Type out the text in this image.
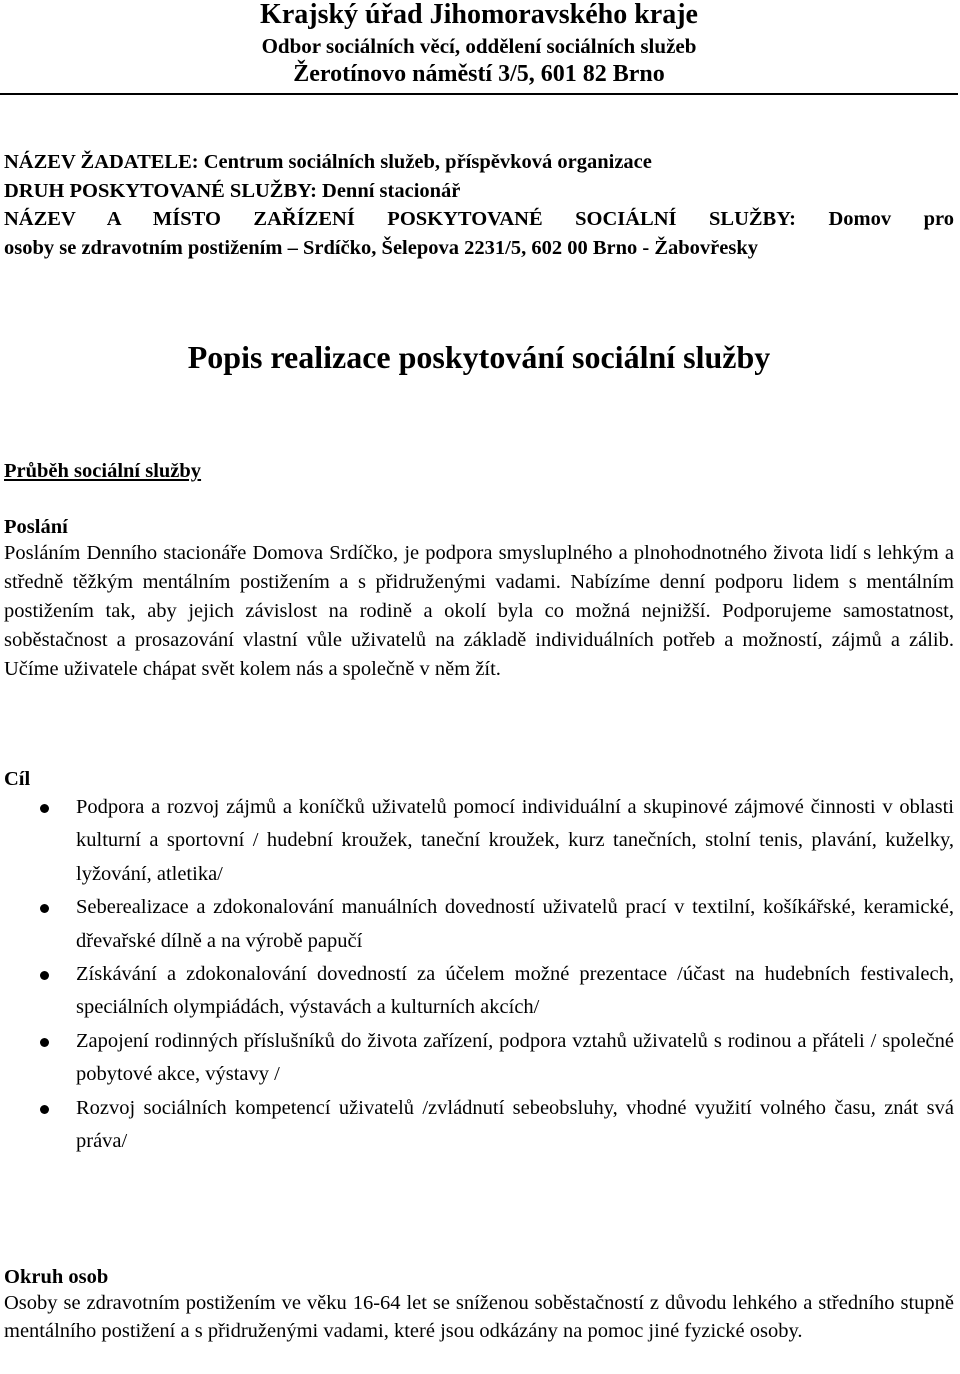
Krajský úřad Jihomoravského kraje
Odbor sociálních věcí, oddělení sociálních služeb
Žerotínovo náměstí 3/5, 601 82 Brno
NÁZEV ŽADATELE: Centrum sociálních služeb, příspěvková organizace
DRUH POSKYTOVANÉ SLUŽBY: Denní stacionář
NÁZEV A MÍSTO ZAŘÍZENÍ POSKYTOVANÉ SOCIÁLNÍ SLUŽBY: Domov pro
osoby se zdravotním postižením – Srdíčko, Šelepova 2231/5, 602 00 Brno - Žabovřesky
Popis realizace poskytování sociální služby
Průběh sociální služby
Poslání

Posláním Denního stacionáře Domova Srdíčko, je podpora smysluplného a plnohodnotného života lidí s lehkým a středně těžkým mentálním postižením a s přidruženými vadami. Nabízíme denní podporu lidem s mentálním postižením tak, aby jejich závislost na rodině a okolí byla co možná nejnižší. Podporujeme samostatnost, soběstačnost a prosazování vlastní vůle uživatelů na základě individuálních potřeb a možností, zájmů a zálib. Učíme uživatele chápat svět kolem nás a společně v něm žít.

Cíl
Podpora a rozvoj zájmů a koníčků uživatelů pomocí individuální a skupinové zájmové činnosti v oblasti kulturní a sportovní / hudební kroužek, taneční kroužek, kurz tanečních, stolní tenis, plavání, kuželky, lyžování, atletika/
Seberealizace a zdokonalování manuálních dovedností uživatelů prací v textilní, košíkářské, keramické, dřevařské dílně a na výrobě papučí
Získávání a zdokonalování dovedností za účelem možné prezentace /účast na hudebních festivalech, speciálních olympiádách, výstavách a kulturních akcích/
Zapojení rodinných příslušníků do života zařízení, podpora vztahů uživatelů s rodinou a přáteli / společné pobytové akce, výstavy /
Rozvoj sociálních kompetencí uživatelů /zvládnutí sebeobsluhy, vhodné využití volného času, znát svá práva/
Okruh osob

Osoby se zdravotním postižením ve věku 16-64 let se sníženou soběstačností z důvodu lehkého a středního stupně mentálního postižení a s přidruženými vadami, které jsou odkázány na pomoc jiné fyzické osoby.
